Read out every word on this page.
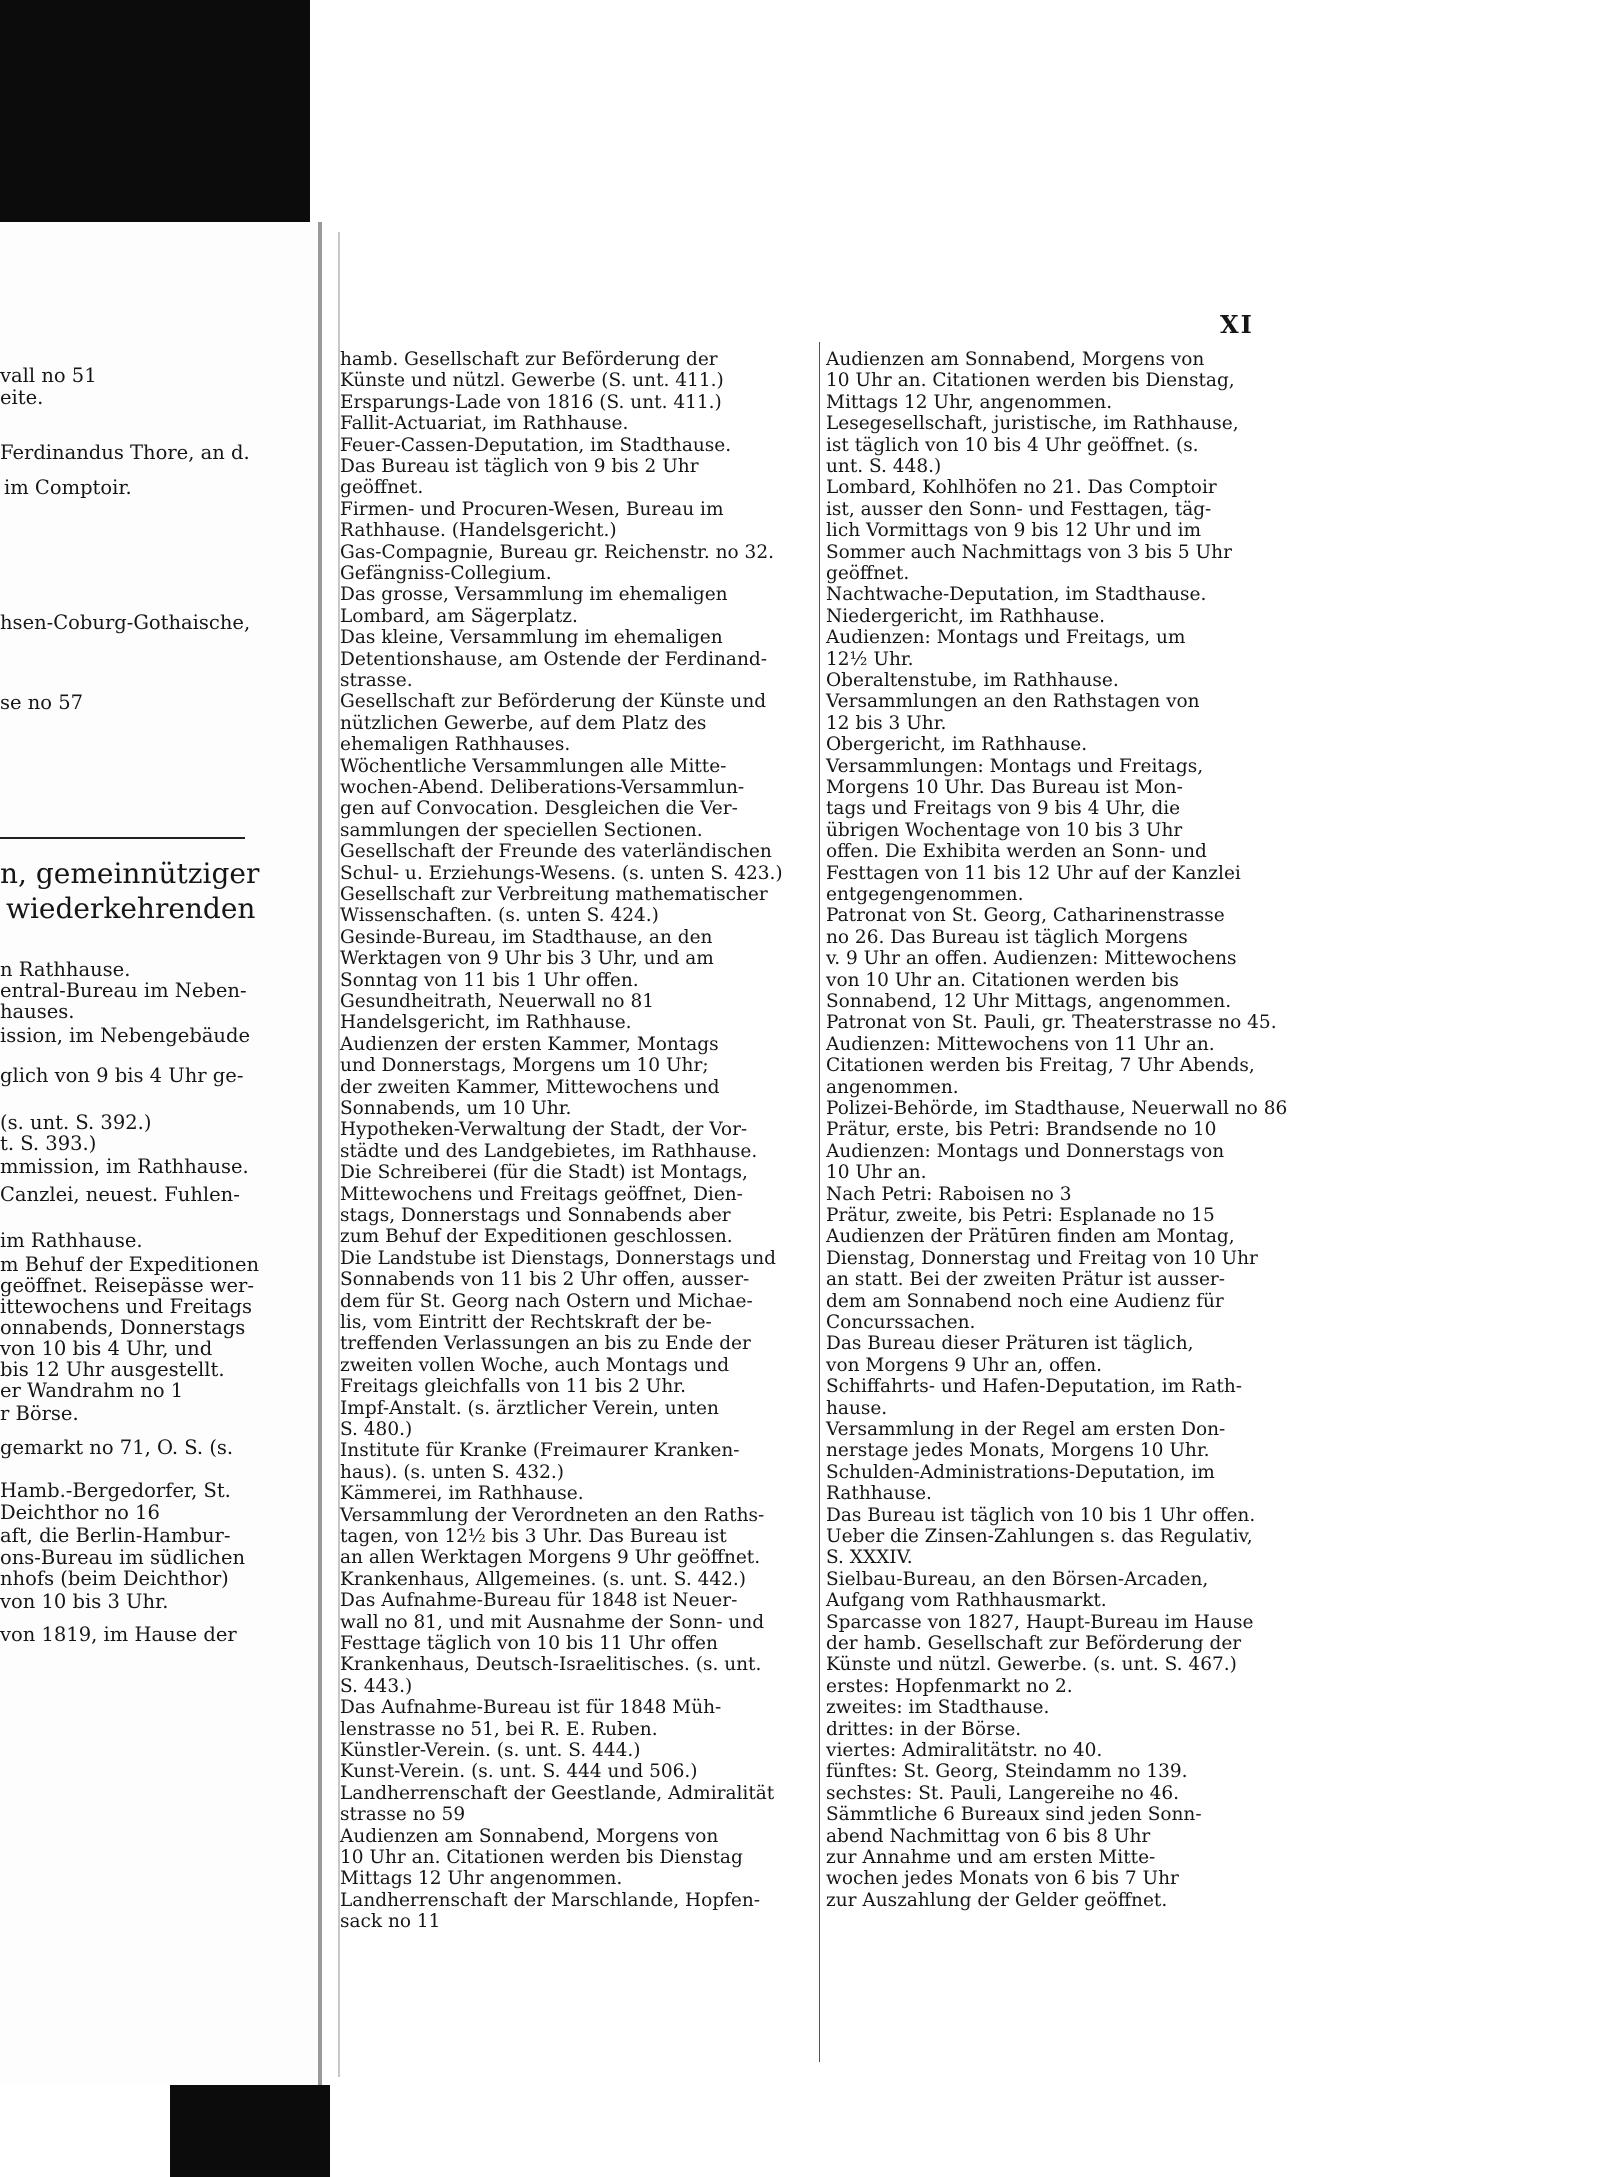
vall no 51
eite.
Ferdinandus Thore, an d.
im Comptoir.
hsen-Coburg-Gothaische,
se no 57
n, gemeinnütziger
wiederkehrenden
n Rathhause.
entral-Bureau im Neben-
hauses.
ission, im Nebengebäude
glich von 9 bis 4 Uhr ge-
(s. unt. S. 392.)
t. S. 393.)
mmission, im Rathhause.
Canzlei, neuest. Fuhlen-
im Rathhause.
m Behuf der Expeditionen
geöffnet. Reisepässe wer-
ittewochens und Freitags
onnabends, Donnerstags
von 10 bis 4 Uhr, und
bis 12 Uhr ausgestellt.
er Wandrahm no 1
r Börse.
gemarkt no 71, O. S. (s.
Hamb.-Bergedorfer, St.
Deichthor no 16
aft, die Berlin-Hambur-
ons-Bureau im südlichen
nhofs (beim Deichthor)
von 10 bis 3 Uhr.
von 1819, im Hause der
XI
hamb. Gesellschaft zur Beförderung der
Künste und nützl. Gewerbe (S. unt. 411.)
Ersparungs-Lade von 1816 (S. unt. 411.)
Fallit-Actuariat, im Rathhause.
Feuer-Cassen-Deputation, im Stadthause.
Das Bureau ist täglich von 9 bis 2 Uhr
geöffnet.
Firmen- und Procuren-Wesen, Bureau im
Rathhause. (Handelsgericht.)
Gas-Compagnie, Bureau gr. Reichenstr. no 32.
Gefängniss-Collegium.
Das grosse, Versammlung im ehemaligen
Lombard, am Sägerplatz.
Das kleine, Versammlung im ehemaligen
Detentionshause, am Ostende der Ferdinand-
strasse.
Gesellschaft zur Beförderung der Künste und
nützlichen Gewerbe, auf dem Platz des
ehemaligen Rathhauses.
Wöchentliche Versammlungen alle Mitte-
wochen-Abend. Deliberations-Versammlun-
gen auf Convocation. Desgleichen die Ver-
sammlungen der speciellen Sectionen.
Gesellschaft der Freunde des vaterländischen
Schul- u. Erziehungs-Wesens. (s. unten S. 423.)
Gesellschaft zur Verbreitung mathematischer
Wissenschaften. (s. unten S. 424.)
Gesinde-Bureau, im Stadthause, an den
Werktagen von 9 Uhr bis 3 Uhr, und am
Sonntag von 11 bis 1 Uhr offen.
Gesundheitrath, Neuerwall no 81
Handelsgericht, im Rathhause.
Audienzen der ersten Kammer, Montags
und Donnerstags, Morgens um 10 Uhr;
der zweiten Kammer, Mittewochens und
Sonnabends, um 10 Uhr.
Hypotheken-Verwaltung der Stadt, der Vor-
städte und des Landgebietes, im Rathhause.
Die Schreiberei (für die Stadt) ist Montags,
Mittewochens und Freitags geöffnet, Dien-
stags, Donnerstags und Sonnabends aber
zum Behuf der Expeditionen geschlossen.
Die Landstube ist Dienstags, Donnerstags und
Sonnabends von 11 bis 2 Uhr offen, ausser-
dem für St. Georg nach Ostern und Michae-
lis, vom Eintritt der Rechtskraft der be-
treffenden Verlassungen an bis zu Ende der
zweiten vollen Woche, auch Montags und
Freitags gleichfalls von 11 bis 2 Uhr.
Impf-Anstalt. (s. ärztlicher Verein, unten
S. 480.)
Institute für Kranke (Freimaurer Kranken-
haus). (s. unten S. 432.)
Kämmerei, im Rathhause.
Versammlung der Verordneten an den Raths-
tagen, von 12½ bis 3 Uhr. Das Bureau ist
an allen Werktagen Morgens 9 Uhr geöffnet.
Krankenhaus, Allgemeines. (s. unt. S. 442.)
Das Aufnahme-Bureau für 1848 ist Neuer-
wall no 81, und mit Ausnahme der Sonn- und
Festtage täglich von 10 bis 11 Uhr offen
Krankenhaus, Deutsch-Israelitisches. (s. unt.
S. 443.)
Das Aufnahme-Bureau ist für 1848 Müh-
lenstrasse no 51, bei R. E. Ruben.
Künstler-Verein. (s. unt. S. 444.)
Kunst-Verein. (s. unt. S. 444 und 506.)
Landherrenschaft der Geestlande, Admiralität
strasse no 59
Audienzen am Sonnabend, Morgens von
10 Uhr an. Citationen werden bis Dienstag
Mittags 12 Uhr angenommen.
Landherrenschaft der Marschlande, Hopfen-
sack no 11
Audienzen am Sonnabend, Morgens von
10 Uhr an. Citationen werden bis Dienstag,
Mittags 12 Uhr, angenommen.
Lesegesellschaft, juristische, im Rathhause,
ist täglich von 10 bis 4 Uhr geöffnet. (s.
unt. S. 448.)
Lombard, Kohlhöfen no 21. Das Comptoir
ist, ausser den Sonn- und Festtagen, täg-
lich Vormittags von 9 bis 12 Uhr und im
Sommer auch Nachmittags von 3 bis 5 Uhr
geöffnet.
Nachtwache-Deputation, im Stadthause.
Niedergericht, im Rathhause.
Audienzen: Montags und Freitags, um
12½ Uhr.
Oberaltenstube, im Rathhause.
Versammlungen an den Rathstagen von
12 bis 3 Uhr.
Obergericht, im Rathhause.
Versammlungen: Montags und Freitags,
Morgens 10 Uhr. Das Bureau ist Mon-
tags und Freitags von 9 bis 4 Uhr, die
übrigen Wochentage von 10 bis 3 Uhr
offen. Die Exhibita werden an Sonn- und
Festtagen von 11 bis 12 Uhr auf der Kanzlei
entgegengenommen.
Patronat von St. Georg, Catharinenstrasse
no 26. Das Bureau ist täglich Morgens
v. 9 Uhr an offen. Audienzen: Mittewochens
von 10 Uhr an. Citationen werden bis
Sonnabend, 12 Uhr Mittags, angenommen.
Patronat von St. Pauli, gr. Theaterstrasse no 45.
Audienzen: Mittewochens von 11 Uhr an.
Citationen werden bis Freitag, 7 Uhr Abends,
angenommen.
Polizei-Behörde, im Stadthause, Neuerwall no 86
Prätur, erste, bis Petri: Brandsende no 10
Audienzen: Montags und Donnerstags von
10 Uhr an.
Nach Petri: Raboisen no 3
Prätur, zweite, bis Petri: Esplanade no 15
Audienzen der Prätūren finden am Montag,
Dienstag, Donnerstag und Freitag von 10 Uhr
an statt. Bei der zweiten Prätur ist ausser-
dem am Sonnabend noch eine Audienz für
Concurssachen.
Das Bureau dieser Präturen ist täglich,
von Morgens 9 Uhr an, offen.
Schiffahrts- und Hafen-Deputation, im Rath-
hause.
Versammlung in der Regel am ersten Don-
nerstage jedes Monats, Morgens 10 Uhr.
Schulden-Administrations-Deputation, im
Rathhause.
Das Bureau ist täglich von 10 bis 1 Uhr offen.
Ueber die Zinsen-Zahlungen s. das Regulativ,
S. XXXIV.
Sielbau-Bureau, an den Börsen-Arcaden,
Aufgang vom Rathhausmarkt.
Sparcasse von 1827, Haupt-Bureau im Hause
der hamb. Gesellschaft zur Beförderung der
Künste und nützl. Gewerbe. (s. unt. S. 467.)
erstes: Hopfenmarkt no 2.
zweites: im Stadthause.
drittes: in der Börse.
viertes: Admiralitätstr. no 40.
fünftes: St. Georg, Steindamm no 139.
sechstes: St. Pauli, Langereihe no 46.
Sämmtliche 6 Bureaux sind jeden Sonn-
abend Nachmittag von 6 bis 8 Uhr
zur Annahme und am ersten Mitte-
wochen jedes Monats von 6 bis 7 Uhr
zur Auszahlung der Gelder geöffnet.
